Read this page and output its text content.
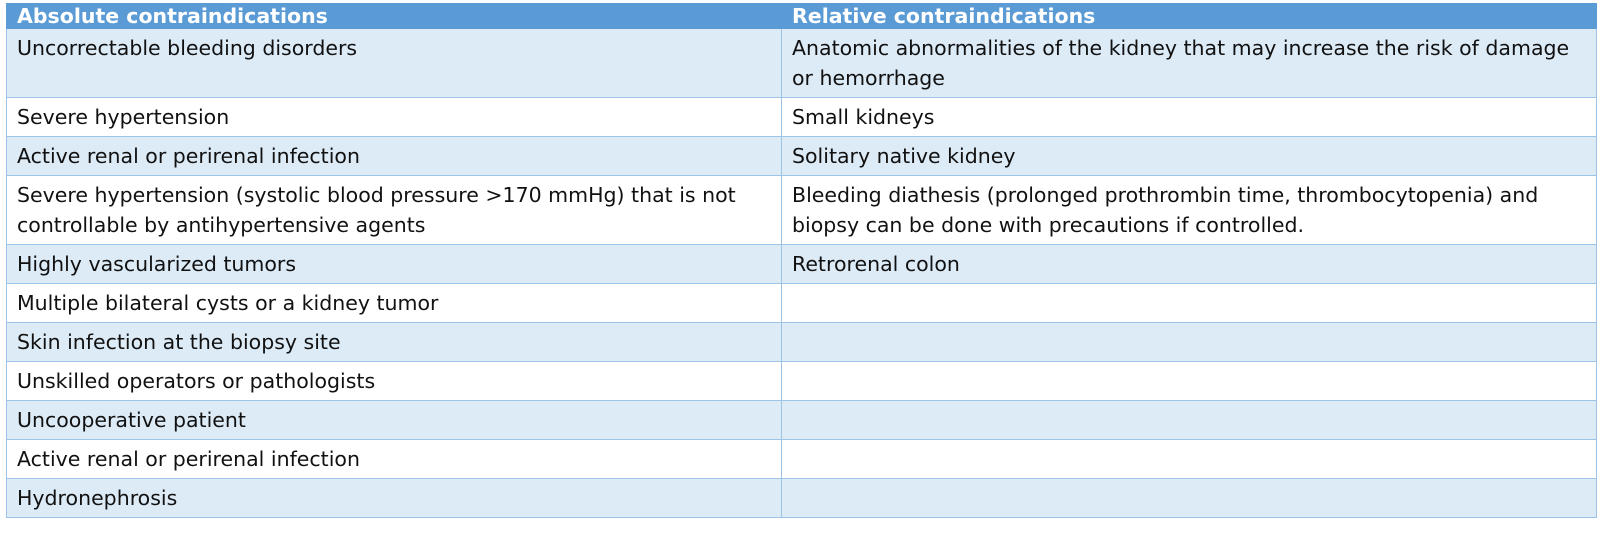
Absolute contraindications	Relative contraindications
Uncorrectable bleeding disorders	Anatomic abnormalities of the kidney that may increase the risk of damage or hemorrhage
Severe hypertension	Small kidneys
Active renal or perirenal infection	Solitary native kidney
Severe hypertension (systolic blood pressure >170 mmHg) that is not controllable by antihypertensive agents	Bleeding diathesis (prolonged prothrombin time, thrombocytopenia) and biopsy can be done with precautions if controlled.
Highly vascularized tumors	Retrorenal colon
Multiple bilateral cysts or a kidney tumor	
Skin infection at the biopsy site	
Unskilled operators or pathologists	
Uncooperative patient	
Active renal or perirenal infection	
Hydronephrosis	
